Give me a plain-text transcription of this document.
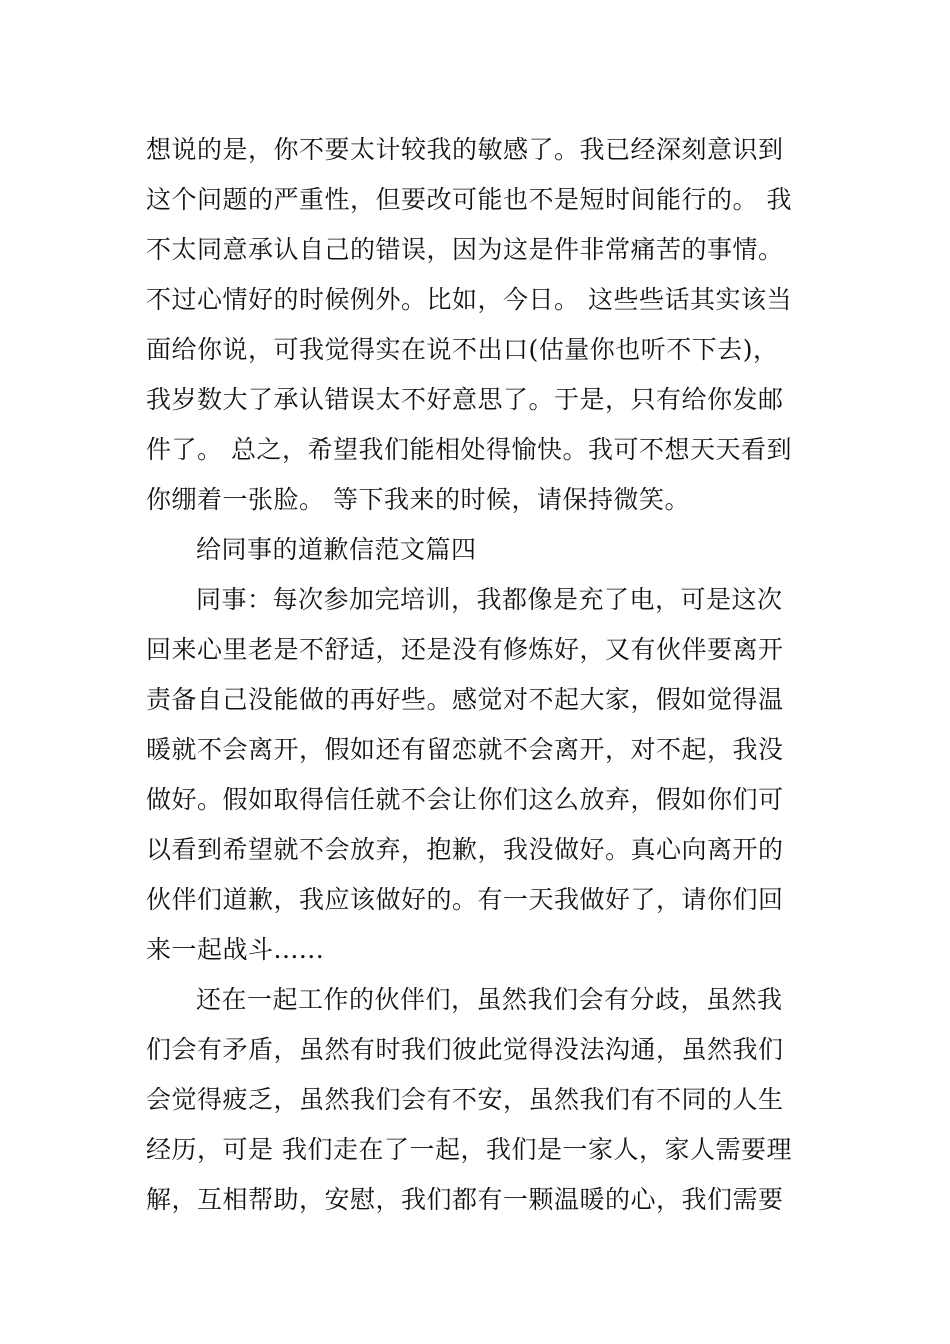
想说的是，你不要太计较我的敏感了。我已经深刻意识到
这个问题的严重性，但要改可能也不是短时间能行的。 我
不太同意承认自己的错误，因为这是件非常痛苦的事情。
不过心情好的时候例外。比如，今日。 这些些话其实该当
面给你说，可我觉得实在说不出口(估量你也听不下去)，
我岁数大了承认错误太不好意思了。于是，只有给你发邮
件了。 总之，希望我们能相处得愉快。我可不想天天看到
你绷着一张脸。 等下我来的时候，请保持微笑。
给同事的道歉信范文篇四
同事：每次参加完培训，我都像是充了电，可是这次
回来心里老是不舒适，还是没有修炼好，又有伙伴要离开
责备自己没能做的再好些。感觉对不起大家，假如觉得温
暖就不会离开，假如还有留恋就不会离开，对不起，我没
做好。假如取得信任就不会让你们这么放弃，假如你们可
以看到希望就不会放弃，抱歉，我没做好。真心向离开的
伙伴们道歉，我应该做好的。有一天我做好了，请你们回
来一起战斗......
还在一起工作的伙伴们，虽然我们会有分歧，虽然我
们会有矛盾，虽然有时我们彼此觉得没法沟通，虽然我们
会觉得疲乏，虽然我们会有不安，虽然我们有不同的人生
经历，可是 我们走在了一起，我们是一家人，家人需要理
解，互相帮助，安慰，我们都有一颗温暖的心，我们需要
